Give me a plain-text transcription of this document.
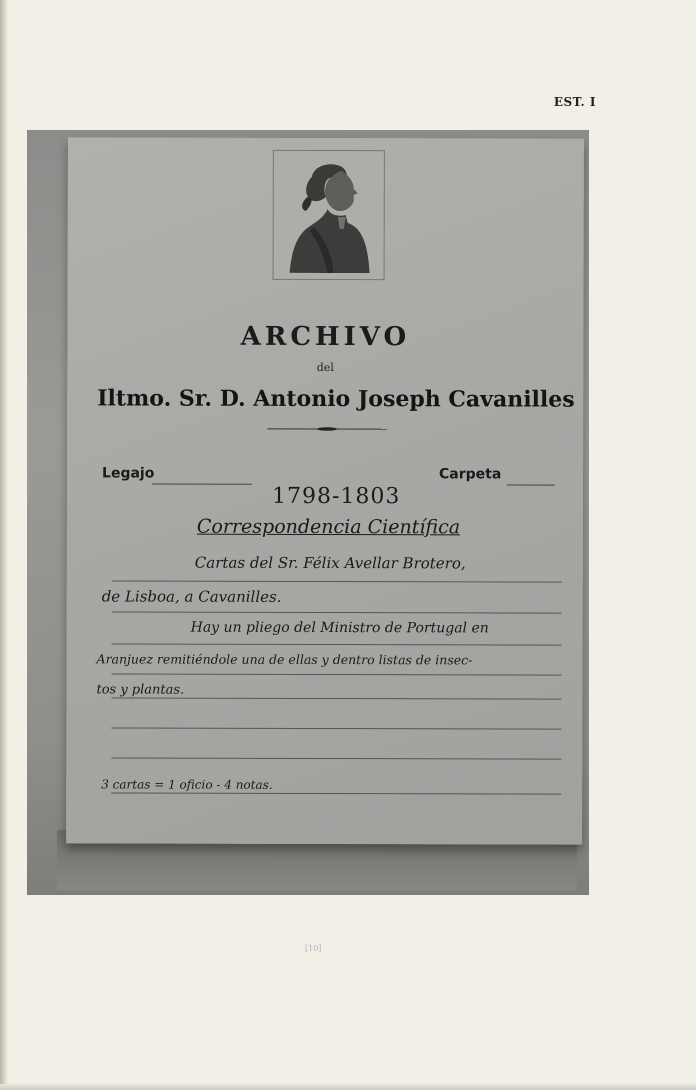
EST. I
ARCHIVO
del
Iltmo. Sr. D. Antonio Joseph Cavanilles
Legajo	Carpeta
1798-1803
Correspondencia Científica
Cartas del Sr. Félix Avellar Brotero,
de Lisboa, a Cavanilles.
Hay un pliego del Ministro de Portugal en
Aranjuez remitiéndole una de ellas y dentro listas de insec-
tos y plantas.
3 cartas = 1 oficio - 4 notas.
[10]
